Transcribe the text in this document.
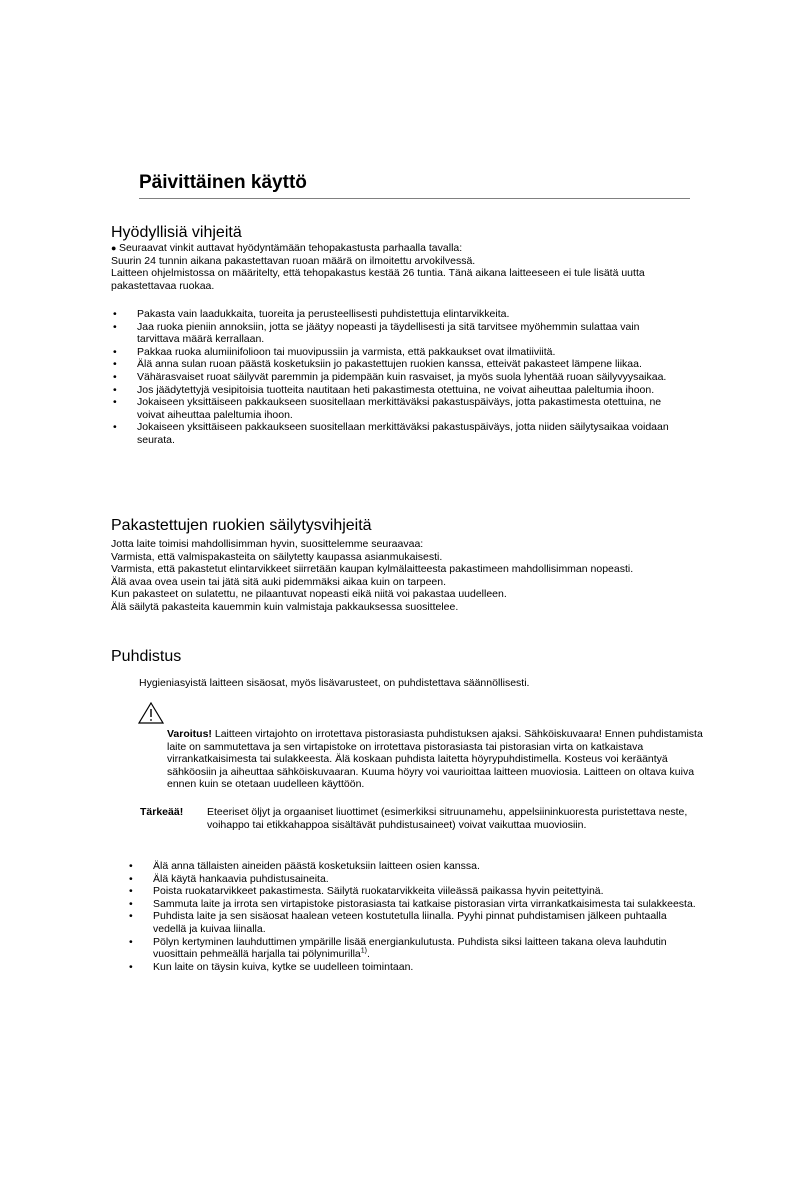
Päivittäinen käyttö
Hyödyllisiä vihjeitä
● Seuraavat vinkit auttavat hyödyntämään tehopakastusta parhaalla tavalla:
Suurin 24 tunnin aikana pakastettavan ruoan määrä on ilmoitettu arvokilvessä.
Laitteen ohjelmistossa on määritelty, että tehopakastus kestää 26 tuntia. Tänä aikana laitteeseen ei tule lisätä uutta pakastettavaa ruokaa.
• Pakasta vain laadukkaita, tuoreita ja perusteellisesti puhdistettuja elintarvikkeita.
• Jaa ruoka pieniin annoksiin, jotta se jäätyy nopeasti ja täydellisesti ja sitä tarvitsee myöhemmin sulattaa vain tarvittava määrä kerrallaan.
• Pakkaa ruoka alumiinifolioon tai muovipussiin ja varmista, että pakkaukset ovat ilmatiiviitä.
• Älä anna sulan ruoan päästä kosketuksiin jo pakastettujen ruokien kanssa, etteivät pakasteet lämpene liikaa.
• Vähärasvaiset ruoat säilyvät paremmin ja pidempään kuin rasvaiset, ja myös suola lyhentää ruoan säilyvyysaikaa.
• Jos jäädytettyjä vesipitoisia tuotteita nautitaan heti pakastimesta otettuina, ne voivat aiheuttaa paleltumia ihoon.
• Jokaiseen yksittäiseen pakkaukseen suositellaan merkittäväksi pakastuspäiväys, jotta pakastimesta otettuina, ne voivat aiheuttaa paleltumia ihoon.
• Jokaiseen yksittäiseen pakkaukseen suositellaan merkittäväksi pakastuspäiväys, jotta niiden säilytysaikaa voidaan seurata.
Pakastettujen ruokien säilytysvihjeitä
Jotta laite toimisi mahdollisimman hyvin, suosittelemme seuraavaa:
Varmista, että valmispakasteita on säilytetty kaupassa asianmukaisesti.
Varmista, että pakastetut elintarvikkeet siirretään kaupan kylmälaitteesta pakastimeen mahdollisimman nopeasti.
Älä avaa ovea usein tai jätä sitä auki pidemmäksi aikaa kuin on tarpeen.
Kun pakasteet on sulatettu, ne pilaantuvat nopeasti eikä niitä voi pakastaa uudelleen.
Älä säilytä pakasteita kauemmin kuin valmistaja pakkauksessa suosittelee.
Puhdistus
Hygieniasyistä laitteen sisäosat, myös lisävarusteet, on puhdistettava säännöllisesti.
Varoitus! Laitteen virtajohto on irrotettava pistorasiasta puhdistuksen ajaksi. Sähköiskuvaara! Ennen puhdistamista laite on sammutettava ja sen virtapistoke on irrotettava pistorasiasta tai pistorasian virta on katkaistava virrankatkaisimesta tai sulakkeesta. Älä koskaan puhdista laitetta höyrypuhdistimella. Kosteus voi kerääntyä sähköosiin ja aiheuttaa sähköiskuvaaran. Kuuma höyry voi vaurioittaa laitteen muoviosia. Laitteen on oltava kuiva ennen kuin se otetaan uudelleen käyttöön.
Tärkeää! Eteeriset öljyt ja orgaaniset liuottimet (esimerkiksi sitruunamehu, appelsiininkuoresta puristettava neste, voihappo tai etikkahappoa sisältävät puhdistusaineet) voivat vaikuttaa muoviosiin.
• Älä anna tällaisten aineiden päästä kosketuksiin laitteen osien kanssa.
• Älä käytä hankaavia puhdistusaineita.
• Poista ruokatarvikkeet pakastimesta. Säilytä ruokatarvikkeita viileässä paikassa hyvin peitettyinä.
• Sammuta laite ja irrota sen virtapistoke pistorasiasta tai katkaise pistorasian virta virrankatkaisimesta tai sulakkeesta.
• Puhdista laite ja sen sisäosat haalean veteen kostutetulla liinalla. Pyyhi pinnat puhdistamisen jälkeen puhtaalla vedellä ja kuivaa liinalla.
• Pölyn kertyminen lauhduttimen ympärille lisää energiankulutusta. Puhdista siksi laitteen takana oleva lauhdutin vuosittain pehmeällä harjalla tai pölynimurilla$^{1)}$.
• Kun laite on täysin kuiva, kytke se uudelleen toimintaan.
